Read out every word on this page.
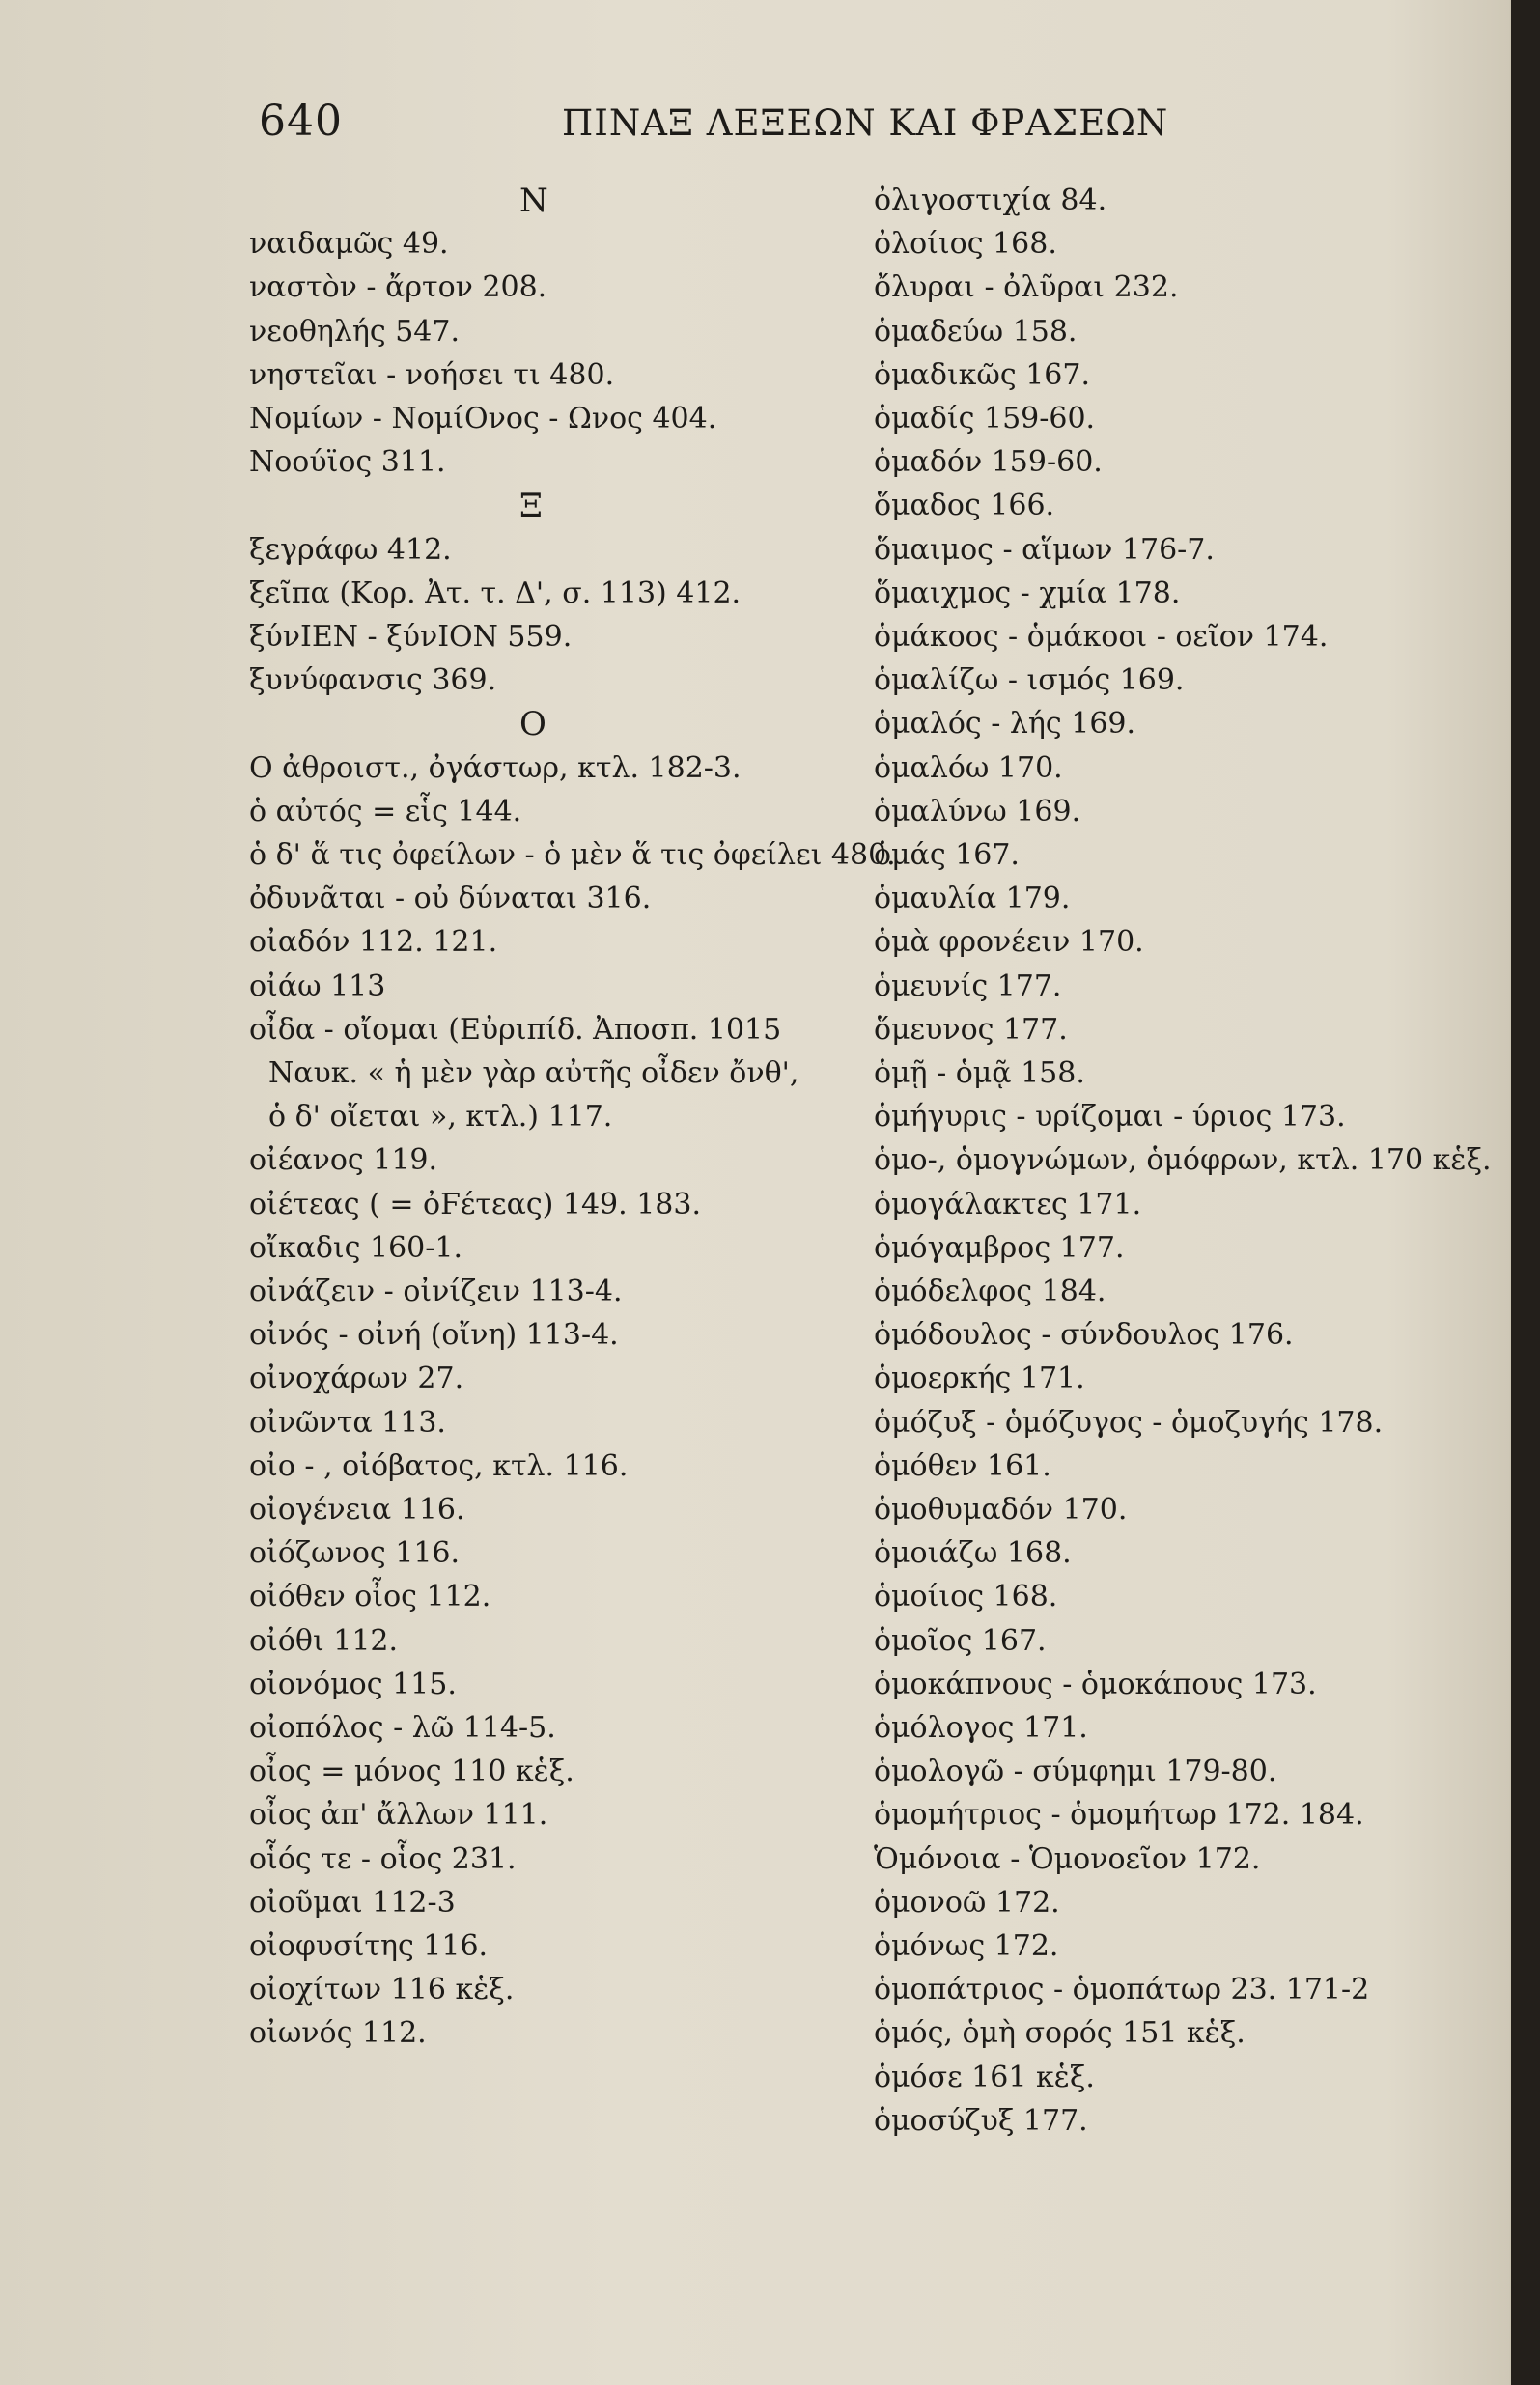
640	ΠΙΝΑΞ ΛΕΞΕΩΝ ΚΑΙ ΦΡΑΣΕΩΝ
Ν
ναιδαμῶς 49.
ναστὸν - ἄρτον 208.
νεοθηλής 547.
νηστεῖαι - νοήσει τι 480.
Νομίων - ΝομίΟνος - Ωνος 404.
Νοούϊος 311.
Ξ
ξεγράφω 412.
ξεῖπα (Κορ. Ἀτ. τ. Δ', σ. 113) 412.
ξύνΙΕΝ - ξύνΙΟΝ 559.
ξυνύφανσις 369.
Ο
Ο ἀθροιστ., ὀγάστωρ, κτλ. 182-3.
ὁ αὐτός = εἷς 144.
ὁ δ' ἅ τις ὀφείλων - ὁ μὲν ἅ τις ὀφείλει 480.
ὀδυνᾶται - οὐ δύναται 316.
οἰαδόν 112. 121.
οἰάω 113
οἶδα - οἴομαι (Εὐριπίδ. Ἀποσπ. 1015
Ναυκ. « ἡ μὲν γὰρ αὐτῆς οἶδεν ὄνθ',
ὁ δ' οἴεται », κτλ.) 117.
οἰέανος 119.
οἰέτεας ( = ὀϜέτεας) 149. 183.
οἴκαδις 160-1.
οἰνάζειν - οἰνίζειν 113-4.
οἰνός - οἰνή (οἴνη) 113-4.
οἰνοχάρων 27.
οἰνῶντα 113.
οἰο - , οἰόβατος, κτλ. 116.
οἰογένεια 116.
οἰόζωνος 116.
οἰόθεν οἶος 112.
οἰόθι 112.
οἰονόμος 115.
οἰοπόλος - λῶ 114-5.
οἶος = μόνος 110 κἑξ.
οἶος ἀπ' ἄλλων 111.
οἷός τε - οἷος 231.
οἰοῦμαι 112-3
οἰοφυσίτης 116.
οἰοχίτων 116 κἑξ.
οἰωνός 112.
ὀλιγοστιχία 84.
ὀλοίιος 168.
ὄλυραι - ὀλῦραι 232.
ὁμαδεύω 158.
ὁμαδικῶς 167.
ὁμαδίς 159-60.
ὁμαδόν 159-60.
ὅμαδος 166.
ὅμαιμος - αἵμων 176-7.
ὅμαιχμος - χμία 178.
ὁμάκοος - ὁμάκοοι - οεῖον 174.
ὁμαλίζω - ισμός 169.
ὁμαλός - λής 169.
ὁμαλόω 170.
ὁμαλύνω 169.
ὁμάς 167.
ὁμαυλία 179.
ὁμὰ φρονέειν 170.
ὁμευνίς 177.
ὅμευνος 177.
ὁμῇ - ὁμᾷ 158.
ὁμήγυρις - υρίζομαι - ύριος 173.
ὁμο-, ὁμογνώμων, ὁμόφρων, κτλ. 170 κἑξ.
ὁμογάλακτες 171.
ὁμόγαμβρος 177.
ὁμόδελφος 184.
ὁμόδουλος - σύνδουλος 176.
ὁμοερκής 171.
ὁμόζυξ - ὁμόζυγος - ὁμοζυγής 178.
ὁμόθεν 161.
ὁμοθυμαδόν 170.
ὁμοιάζω 168.
ὁμοίιος 168.
ὁμοῖος 167.
ὁμοκάπνους - ὁμοκάπους 173.
ὁμόλογος 171.
ὁμολογῶ - σύμφημι 179-80.
ὁμομήτριος - ὁμομήτωρ 172. 184.
Ὁμόνοια - Ὁμονοεῖον 172.
ὁμονοῶ 172.
ὁμόνως 172.
ὁμοπάτριος - ὁμοπάτωρ 23. 171-2
ὁμός, ὁμὴ σορός 151 κἑξ.
ὁμόσε 161 κἑξ.
ὁμοσύζυξ 177.
